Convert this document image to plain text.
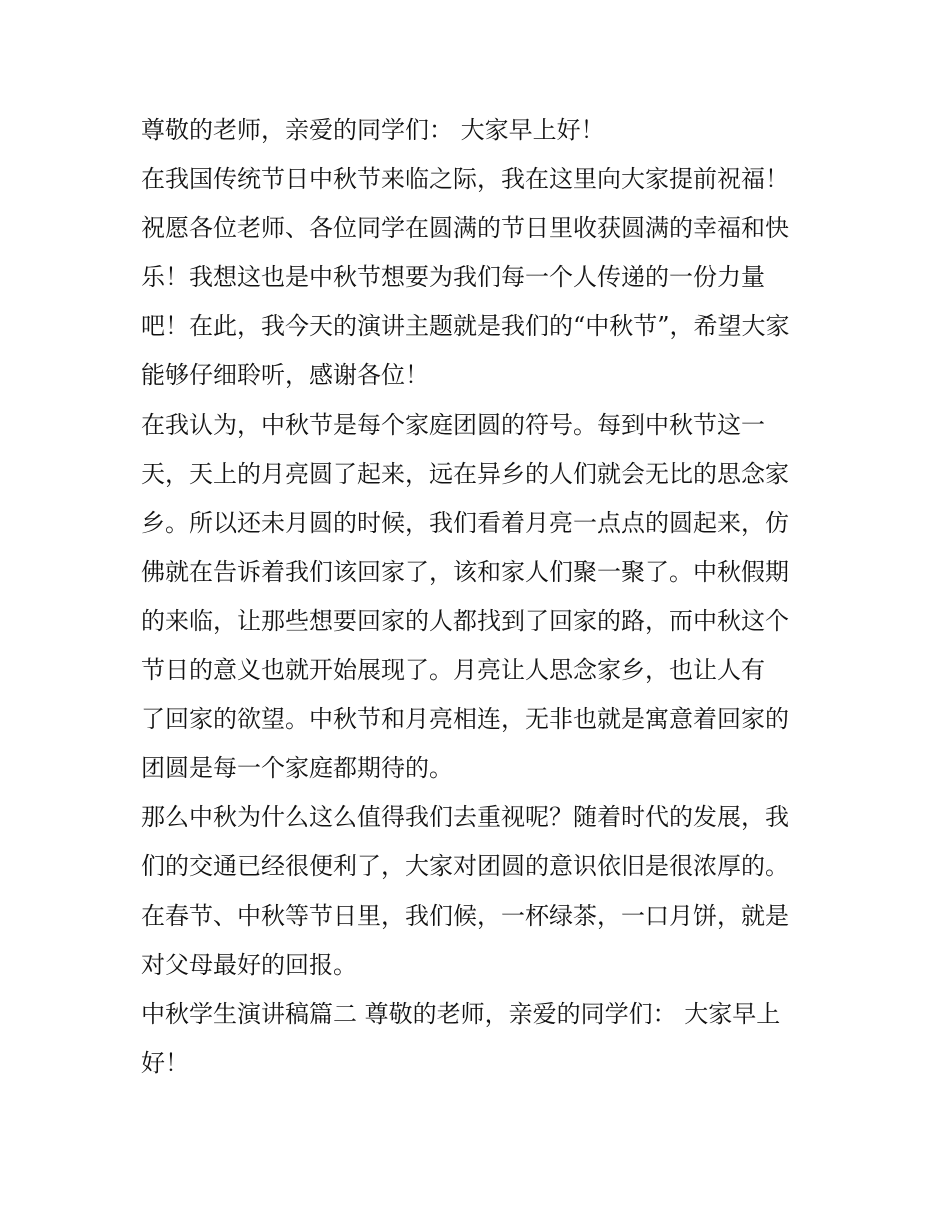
尊敬的老师，亲爱的同学们： 大家早上好！
在我国传统节日中秋节来临之际，我在这里向大家提前祝福！
祝愿各位老师、各位同学在圆满的节日里收获圆满的幸福和快
乐！我想这也是中秋节想要为我们每一个人传递的一份力量
吧！在此，我今天的演讲主题就是我们的“中秋节”，希望大家
能够仔细聆听，感谢各位！
在我认为，中秋节是每个家庭团圆的符号。每到中秋节这一
天，天上的月亮圆了起来，远在异乡的人们就会无比的思念家
乡。所以还未月圆的时候，我们看着月亮一点点的圆起来，仿
佛就在告诉着我们该回家了，该和家人们聚一聚了。中秋假期
的来临，让那些想要回家的人都找到了回家的路，而中秋这个
节日的意义也就开始展现了。月亮让人思念家乡，也让人有
了回家的欲望。中秋节和月亮相连，无非也就是寓意着回家的
团圆是每一个家庭都期待的。
那么中秋为什么这么值得我们去重视呢？随着时代的发展，我
们的交通已经很便利了，大家对团圆的意识依旧是很浓厚的。
在春节、中秋等节日里，我们候，一杯绿茶，一口月饼，就是
对父母最好的回报。
中秋学生演讲稿篇二 尊敬的老师，亲爱的同学们： 大家早上
好！
